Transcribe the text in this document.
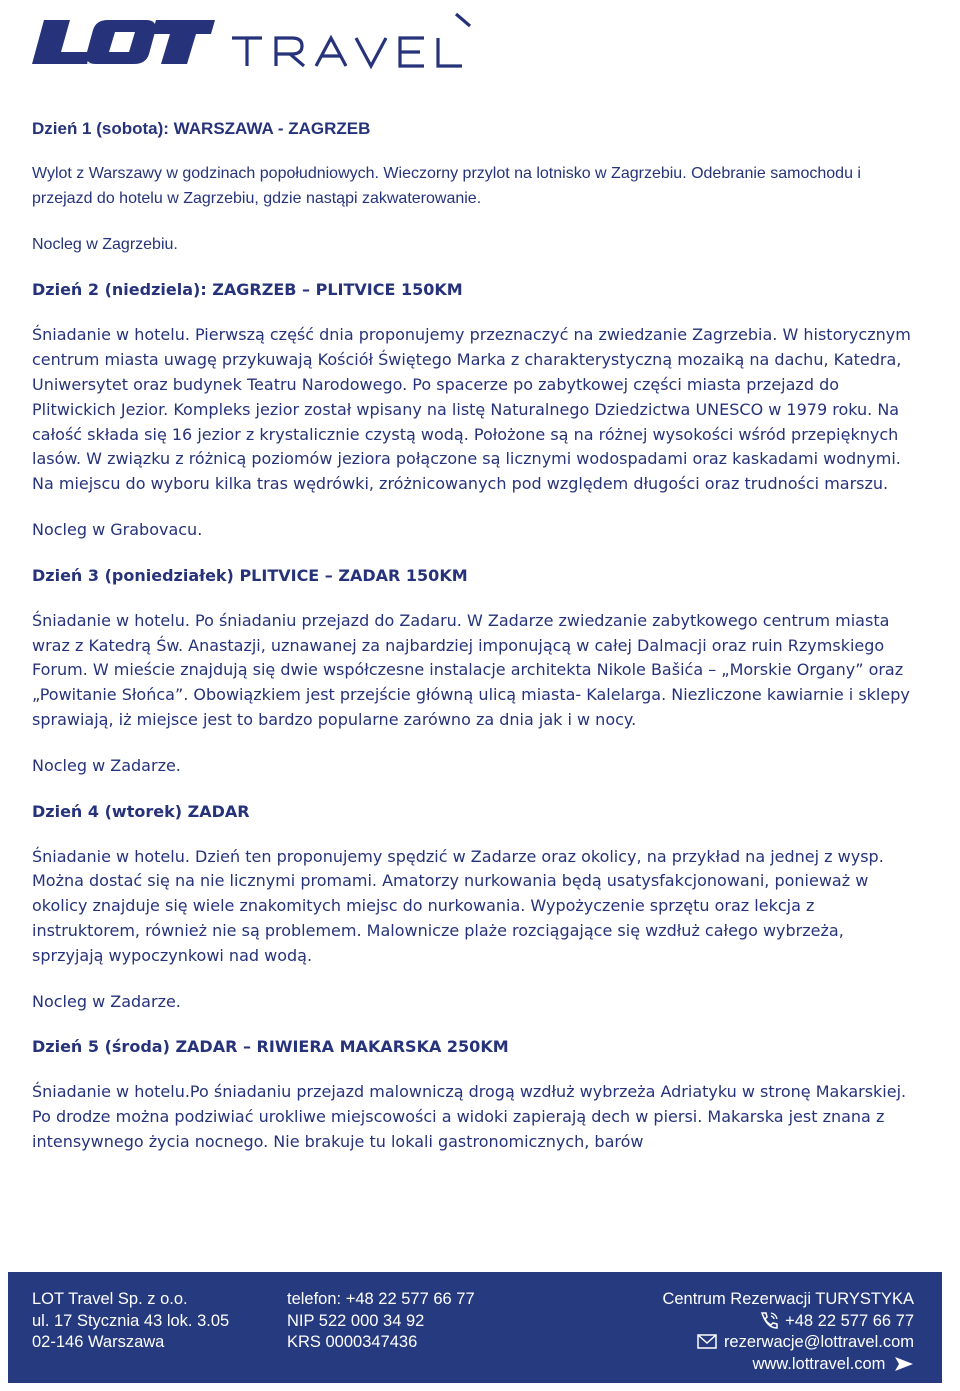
Dzień 1 (sobota): WARSZAWA - ZAGRZEB

Wylot z Warszawy w godzinach popołudniowych. Wieczorny przylot na lotnisko w Zagrzebiu. Odebranie samochodu i przejazd do hotelu w Zagrzebiu, gdzie nastąpi zakwaterowanie.

Nocleg w Zagrzebiu.

Dzień 2 (niedziela): ZAGRZEB – PLITVICE 150KM

Śniadanie w hotelu. Pierwszą część dnia proponujemy przeznaczyć na zwiedzanie Zagrzebia. W historycznym centrum miasta uwagę przykuwają Kościół Świętego Marka z charakterystyczną mozaiką na dachu, Katedra, Uniwersytet oraz budynek Teatru Narodowego. Po spacerze po zabytkowej części miasta przejazd do Plitwickich Jezior. Kompleks jezior został wpisany na listę Naturalnego Dziedzictwa UNESCO w 1979 roku. Na całość składa się 16 jezior z krystalicznie czystą wodą. Położone są na różnej wysokości wśród przepięknych lasów. W związku z różnicą poziomów jeziora połączone są licznymi wodospadami oraz kaskadami wodnymi. Na miejscu do wyboru kilka tras wędrówki, zróżnicowanych pod względem długości oraz trudności marszu.

Nocleg w Grabovacu.

Dzień 3 (poniedziałek) PLITVICE – ZADAR 150KM

Śniadanie w hotelu. Po śniadaniu przejazd do Zadaru. W Zadarze zwiedzanie zabytkowego centrum miasta wraz z Katedrą Św. Anastazji, uznawanej za najbardziej imponującą w całej Dalmacji oraz ruin Rzymskiego Forum. W mieście znajdują się dwie współczesne instalacje architekta Nikole Bašića – „Morskie Organy” oraz „Powitanie Słońca”. Obowiązkiem jest przejście główną ulicą miasta- Kalelarga. Niezliczone kawiarnie i sklepy sprawiają, iż miejsce jest to bardzo popularne zarówno za dnia jak i w nocy.

Nocleg w Zadarze.

Dzień 4 (wtorek) ZADAR

Śniadanie w hotelu. Dzień ten proponujemy spędzić w Zadarze oraz okolicy, na przykład na jednej z wysp. Można dostać się na nie licznymi promami. Amatorzy nurkowania będą usatysfakcjonowani, ponieważ w okolicy znajduje się wiele znakomitych miejsc do nurkowania. Wypożyczenie sprzętu oraz lekcja z instruktorem, również nie są problemem. Malownicze plaże rozciągające się wzdłuż całego wybrzeża, sprzyjają wypoczynkowi nad wodą.

Nocleg w Zadarze.

Dzień 5 (środa) ZADAR – RIWIERA MAKARSKA 250KM

Śniadanie w hotelu.Po śniadaniu przejazd malowniczą drogą wzdłuż wybrzeża Adriatyku w stronę Makarskiej. Po drodze można podziwiać urokliwe miejscowości a widoki zapierają dech w piersi. Makarska jest znana z intensywnego życia nocnego. Nie brakuje tu lokali gastronomicznych, barów

LOT Travel Sp. z o.o.
ul. 17 Stycznia 43 lok. 3.05
02-146 Warszawa
telefon: +48 22 577 66 77
NIP 522 000 34 92
KRS 0000347436
Centrum Rezerwacji TURYSTYKA
+48 22 577 66 77
rezerwacje@lottravel.com
www.lottravel.com
